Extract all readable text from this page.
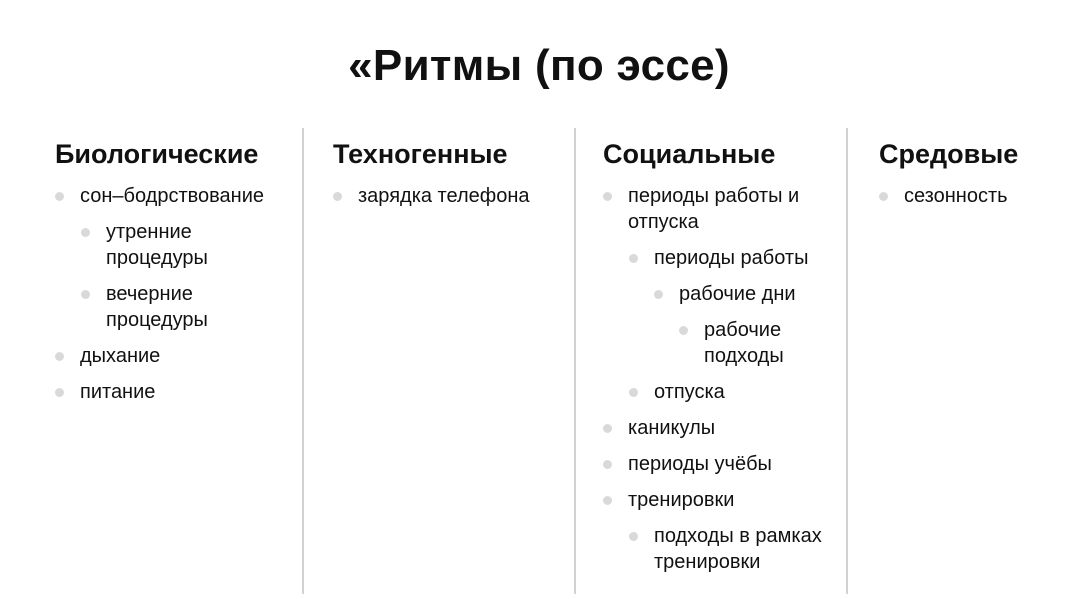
«Ритмы (по эссе)
Биологические
сон–бодрствование
утренние процедуры
вечерние процедуры
дыхание
питание
Техногенные
зарядка телефона
Социальные
периоды работы и отпуска
периоды работы
рабочие дни
рабочие подходы
отпуска
каникулы
периоды учёбы
тренировки
подходы в рамках тренировки
Средовые
сезонность
